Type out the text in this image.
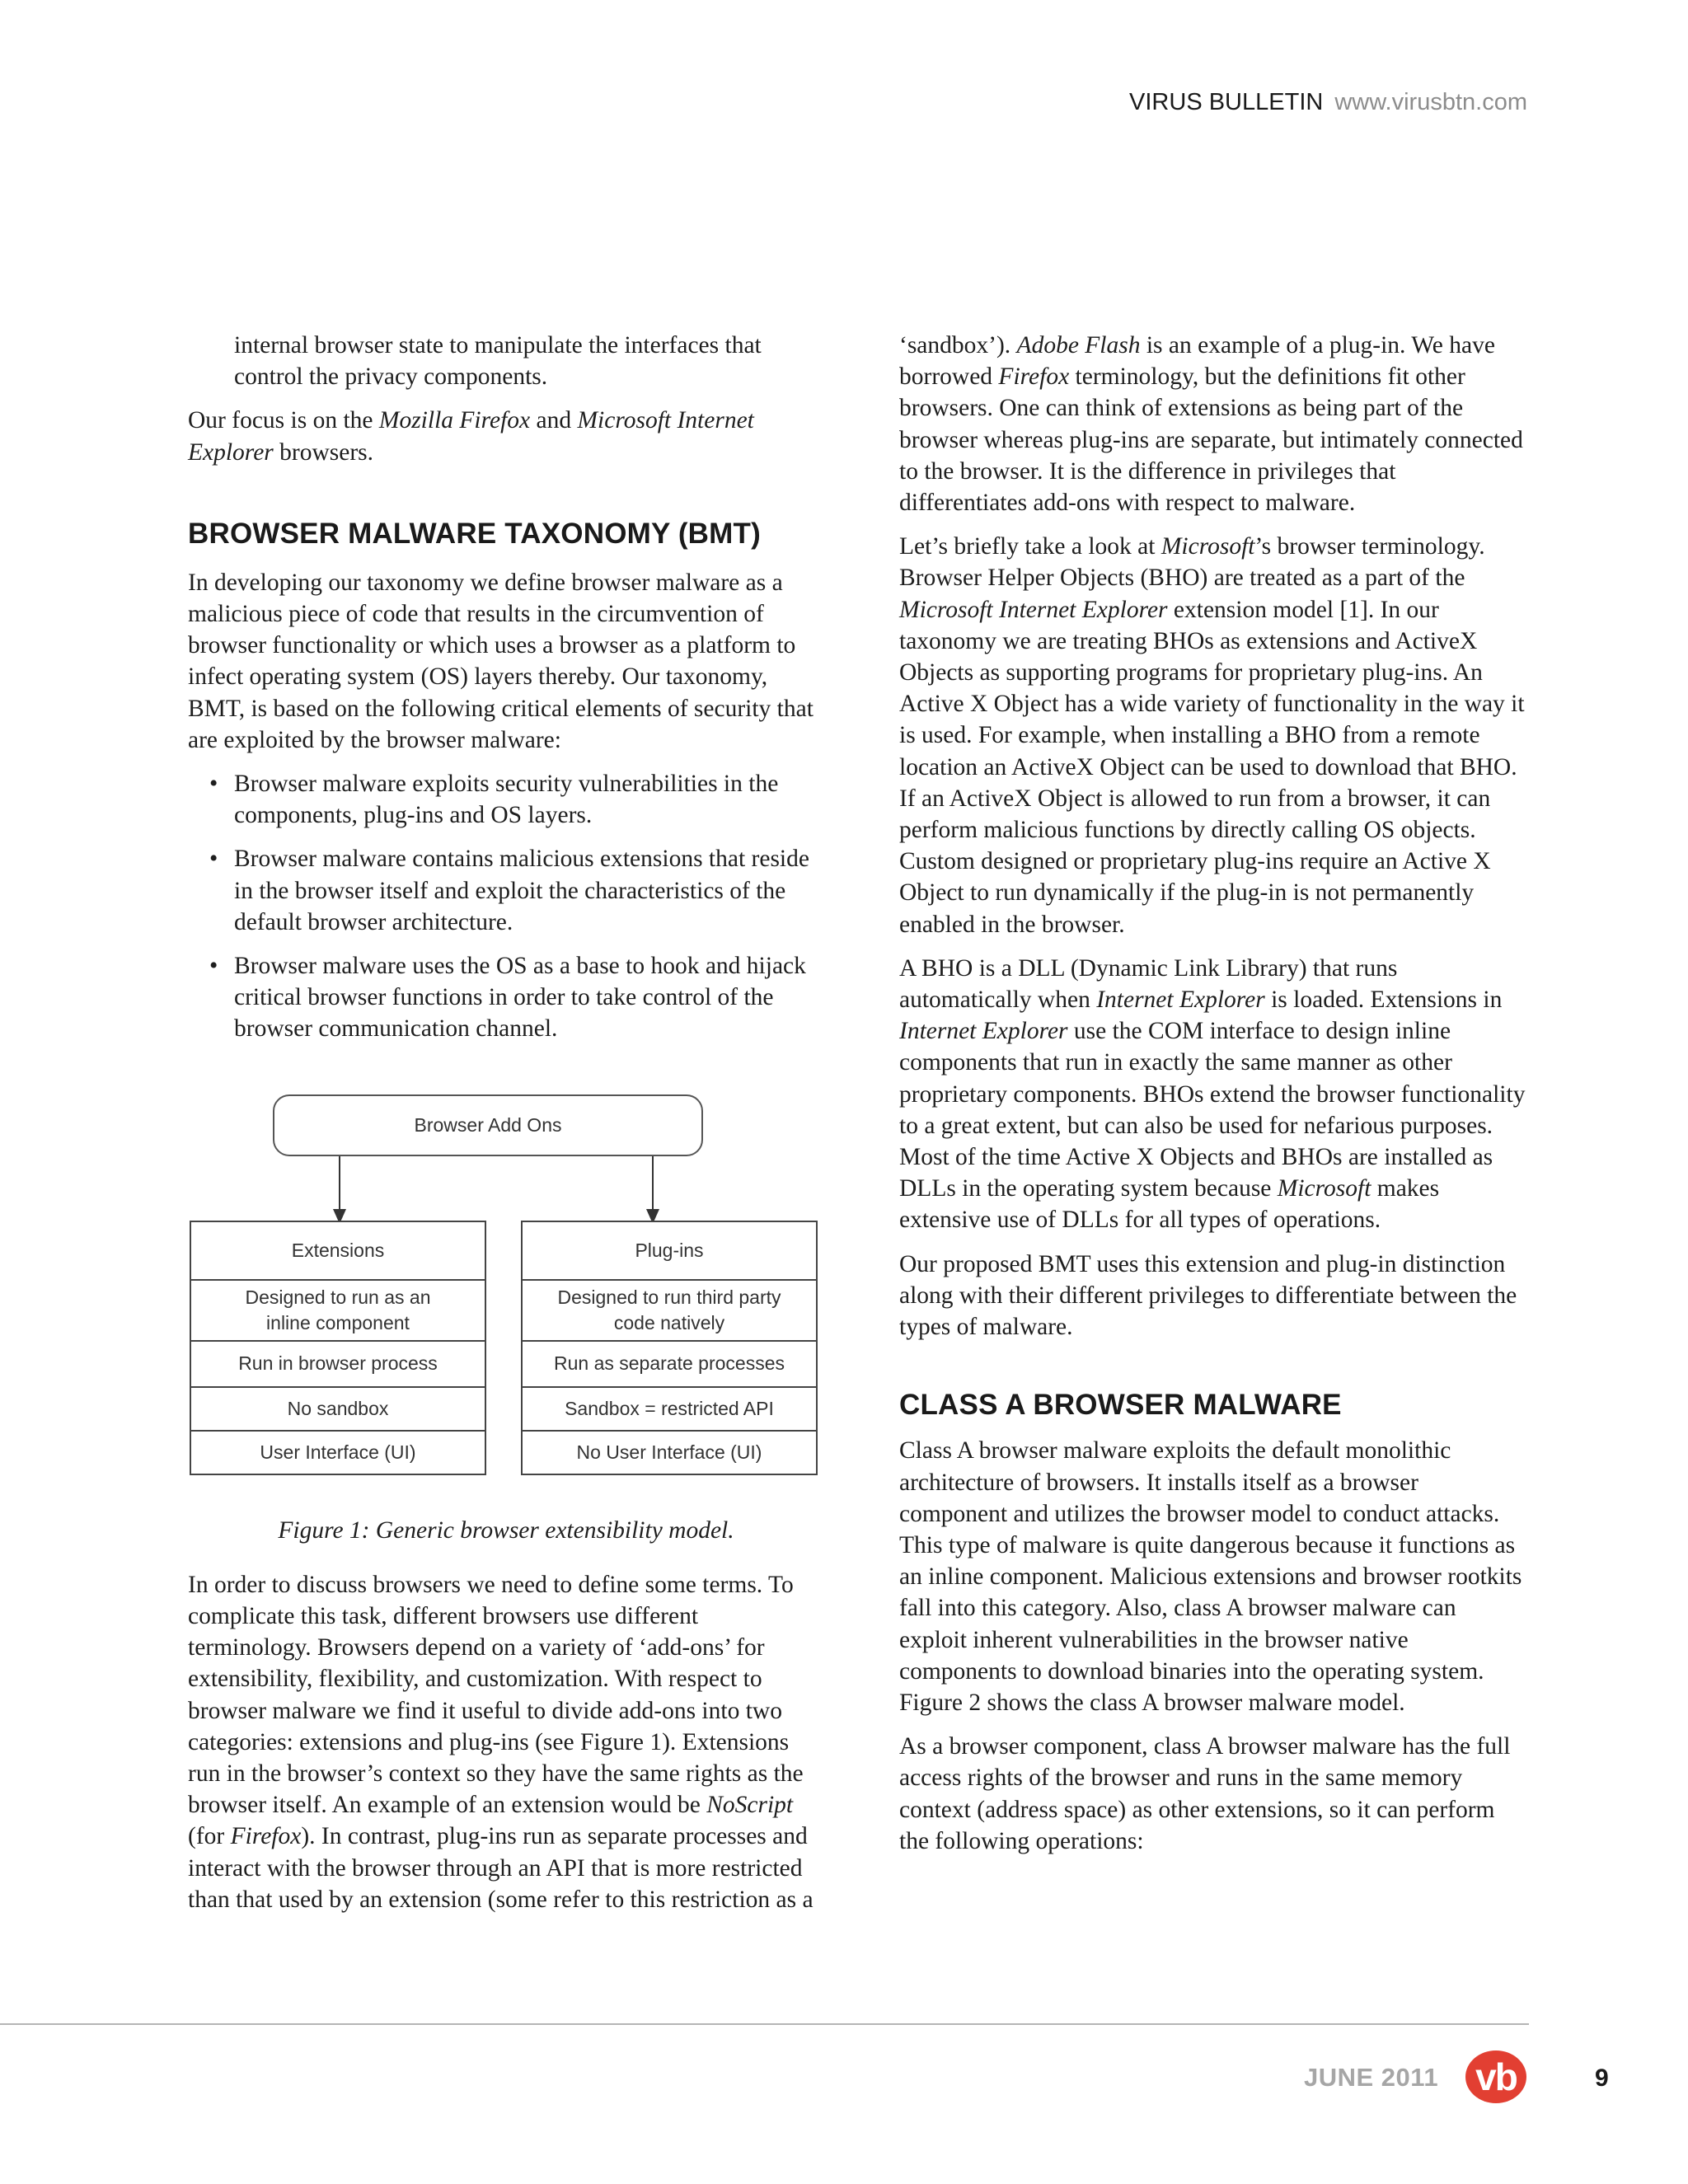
VIRUS BULLETIN www.virusbtn.com

internal browser state to manipulate the interfaces that control the privacy components.

Our focus is on the Mozilla Firefox and Microsoft Internet Explorer browsers.

BROWSER MALWARE TAXONOMY (BMT)

In developing our taxonomy we define browser malware as a malicious piece of code that results in the circumvention of browser functionality or which uses a browser as a platform to infect operating system (OS) layers thereby. Our taxonomy, BMT, is based on the following critical elements of security that are exploited by the browser malware:

• Browser malware exploits security vulnerabilities in the components, plug-ins and OS layers.
• Browser malware contains malicious extensions that reside in the browser itself and exploit the characteristics of the default browser architecture.
• Browser malware uses the OS as a base to hook and hijack critical browser functions in order to take control of the browser communication channel.
Browser Add Ons
Extensions
Designed to run as an inline component
Run in browser process
No sandbox
User Interface (UI)
Plug-ins
Designed to run third party code natively
Run as separate processes
Sandbox = restricted API
No User Interface (UI)

Figure 1: Generic browser extensibility model.

In order to discuss browsers we need to define some terms. To complicate this task, different browsers use different terminology. Browsers depend on a variety of ‘add-ons’ for extensibility, flexibility, and customization. With respect to browser malware we find it useful to divide add-ons into two categories: extensions and plug-ins (see Figure 1). Extensions run in the browser’s context so they have the same rights as the browser itself. An example of an extension would be NoScript (for Firefox). In contrast, plug-ins run as separate processes and interact with the browser through an API that is more restricted than that used by an extension (some refer to this restriction as a

‘sandbox’). Adobe Flash is an example of a plug-in. We have borrowed Firefox terminology, but the definitions fit other browsers. One can think of extensions as being part of the browser whereas plug-ins are separate, but intimately connected to the browser. It is the difference in privileges that differentiates add-ons with respect to malware.

Let’s briefly take a look at Microsoft’s browser terminology. Browser Helper Objects (BHO) are treated as a part of the Microsoft Internet Explorer extension model [1]. In our taxonomy we are treating BHOs as extensions and ActiveX Objects as supporting programs for proprietary plug-ins. An Active X Object has a wide variety of functionality in the way it is used. For example, when installing a BHO from a remote location an ActiveX Object can be used to download that BHO. If an ActiveX Object is allowed to run from a browser, it can perform malicious functions by directly calling OS objects. Custom designed or proprietary plug-ins require an Active X Object to run dynamically if the plug-in is not permanently enabled in the browser.

A BHO is a DLL (Dynamic Link Library) that runs automatically when Internet Explorer is loaded. Extensions in Internet Explorer use the COM interface to design inline components that run in exactly the same manner as other proprietary components. BHOs extend the browser functionality to a great extent, but can also be used for nefarious purposes. Most of the time Active X Objects and BHOs are installed as DLLs in the operating system because Microsoft makes extensive use of DLLs for all types of operations.

Our proposed BMT uses this extension and plug-in distinction along with their different privileges to differentiate between the types of malware.

CLASS A BROWSER MALWARE

Class A browser malware exploits the default monolithic architecture of browsers. It installs itself as a browser component and utilizes the browser model to conduct attacks. This type of malware is quite dangerous because it functions as an inline component. Malicious extensions and browser rootkits fall into this category. Also, class A browser malware can exploit inherent vulnerabilities in the browser native components to download binaries into the operating system. Figure 2 shows the class A browser malware model.

As a browser component, class A browser malware has the full access rights of the browser and runs in the same memory context (address space) as other extensions, so it can perform the following operations:

JUNE 2011 vb	9
